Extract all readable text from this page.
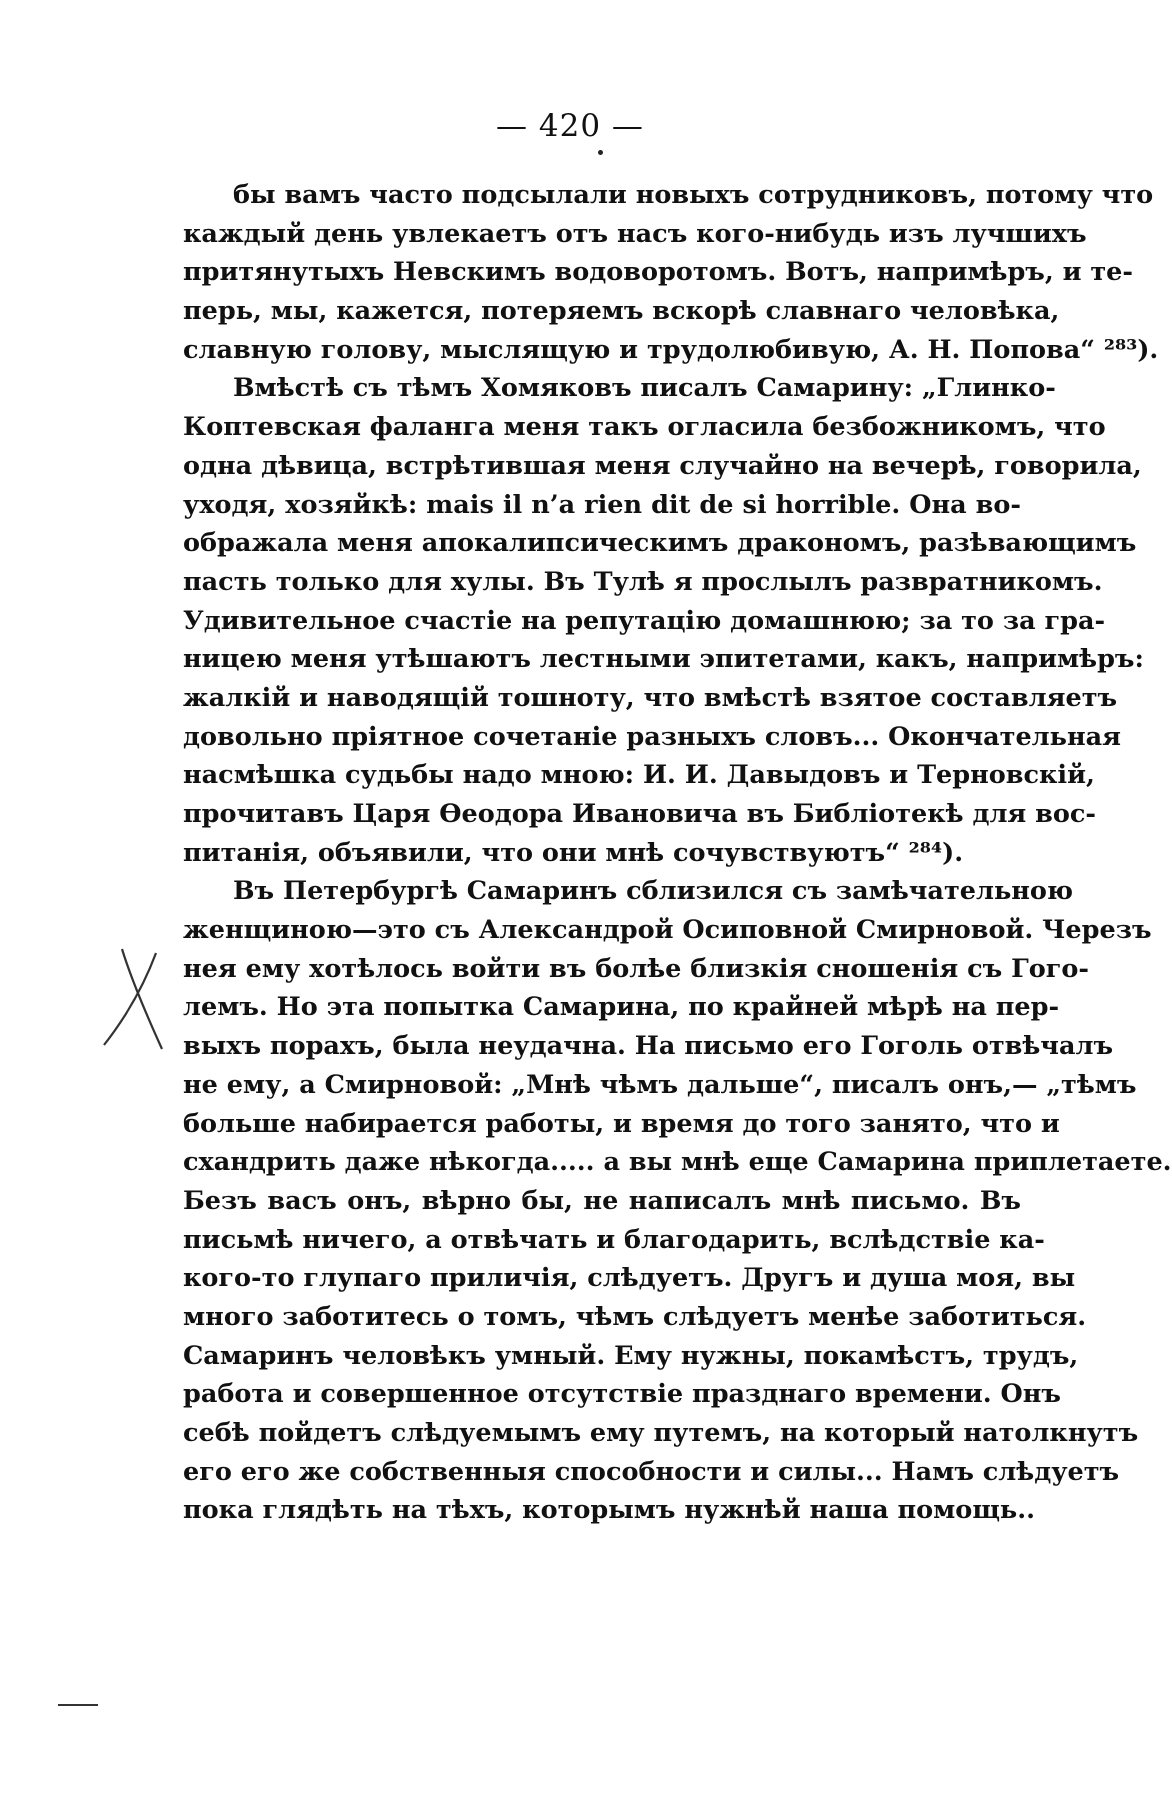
— 420 —
бы вамъ часто подсылали новыхъ сотрудниковъ, потому что
каждый день увлекаетъ отъ насъ кого-нибудь изъ лучшихъ
притянутыхъ Невскимъ водоворотомъ. Вотъ, напримѣръ, и те-
перь, мы, кажется, потеряемъ вскорѣ славнаго человѣка,
славную голову, мыслящую и трудолюбивую, А. Н. Попова“ ²⁸³).
Вмѣстѣ съ тѣмъ Хомяковъ писалъ Самарину: „Глинко-
Коптевская фаланга меня такъ огласила безбожникомъ, что
одна дѣвица, встрѣтившая меня случайно на вечерѣ, говорила,
уходя, хозяйкѣ: mais il n’a rien dit de si horrible. Она во-
ображала меня апокалипсическимъ дракономъ, разѣвающимъ
пасть только для хулы. Въ Тулѣ я прослылъ развратникомъ.
Удивительное счастіе на репутацію домашнюю; за то за гра-
ницею меня утѣшаютъ лестными эпитетами, какъ, напримѣръ:
жалкій и наводящій тошноту, что вмѣстѣ взятое составляетъ
довольно пріятное сочетаніе разныхъ словъ... Окончательная
насмѣшка судьбы надо мною: И. И. Давыдовъ и Терновскій,
прочитавъ Царя Өеодора Ивановича въ Библіотекѣ для вос-
питанія, объявили, что они мнѣ сочувствуютъ“ ²⁸⁴).
Въ Петербургѣ Самаринъ сблизился съ замѣчательною
женщиною—это съ Александрой Осиповной Смирновой. Черезъ
нея ему хотѣлось войти въ болѣе близкія сношенія съ Гого-
лемъ. Но эта попытка Самарина, по крайней мѣрѣ на пер-
выхъ порахъ, была неудачна. На письмо его Гоголь отвѣчалъ
не ему, а Смирновой: „Мнѣ чѣмъ дальше“, писалъ онъ,— „тѣмъ
больше набирается работы, и время до того занято, что и
схандрить даже нѣкогда..... а вы мнѣ еще Самарина приплетаете.
Безъ васъ онъ, вѣрно бы, не написалъ мнѣ письмо. Въ
письмѣ ничего, а отвѣчать и благодарить, вслѣдствіе ка-
кого-то глупаго приличія, слѣдуетъ. Другъ и душа моя, вы
много заботитесь о томъ, чѣмъ слѣдуетъ менѣе заботиться.
Самаринъ человѣкъ умный. Ему нужны, покамѣстъ, трудъ,
работа и совершенное отсутствіе празднаго времени. Онъ
себѣ пойдетъ слѣдуемымъ ему путемъ, на который натолкнутъ
его его же собственныя способности и силы... Намъ слѣдуетъ
пока глядѣть на тѣхъ, которымъ нужнѣй наша помощь..
